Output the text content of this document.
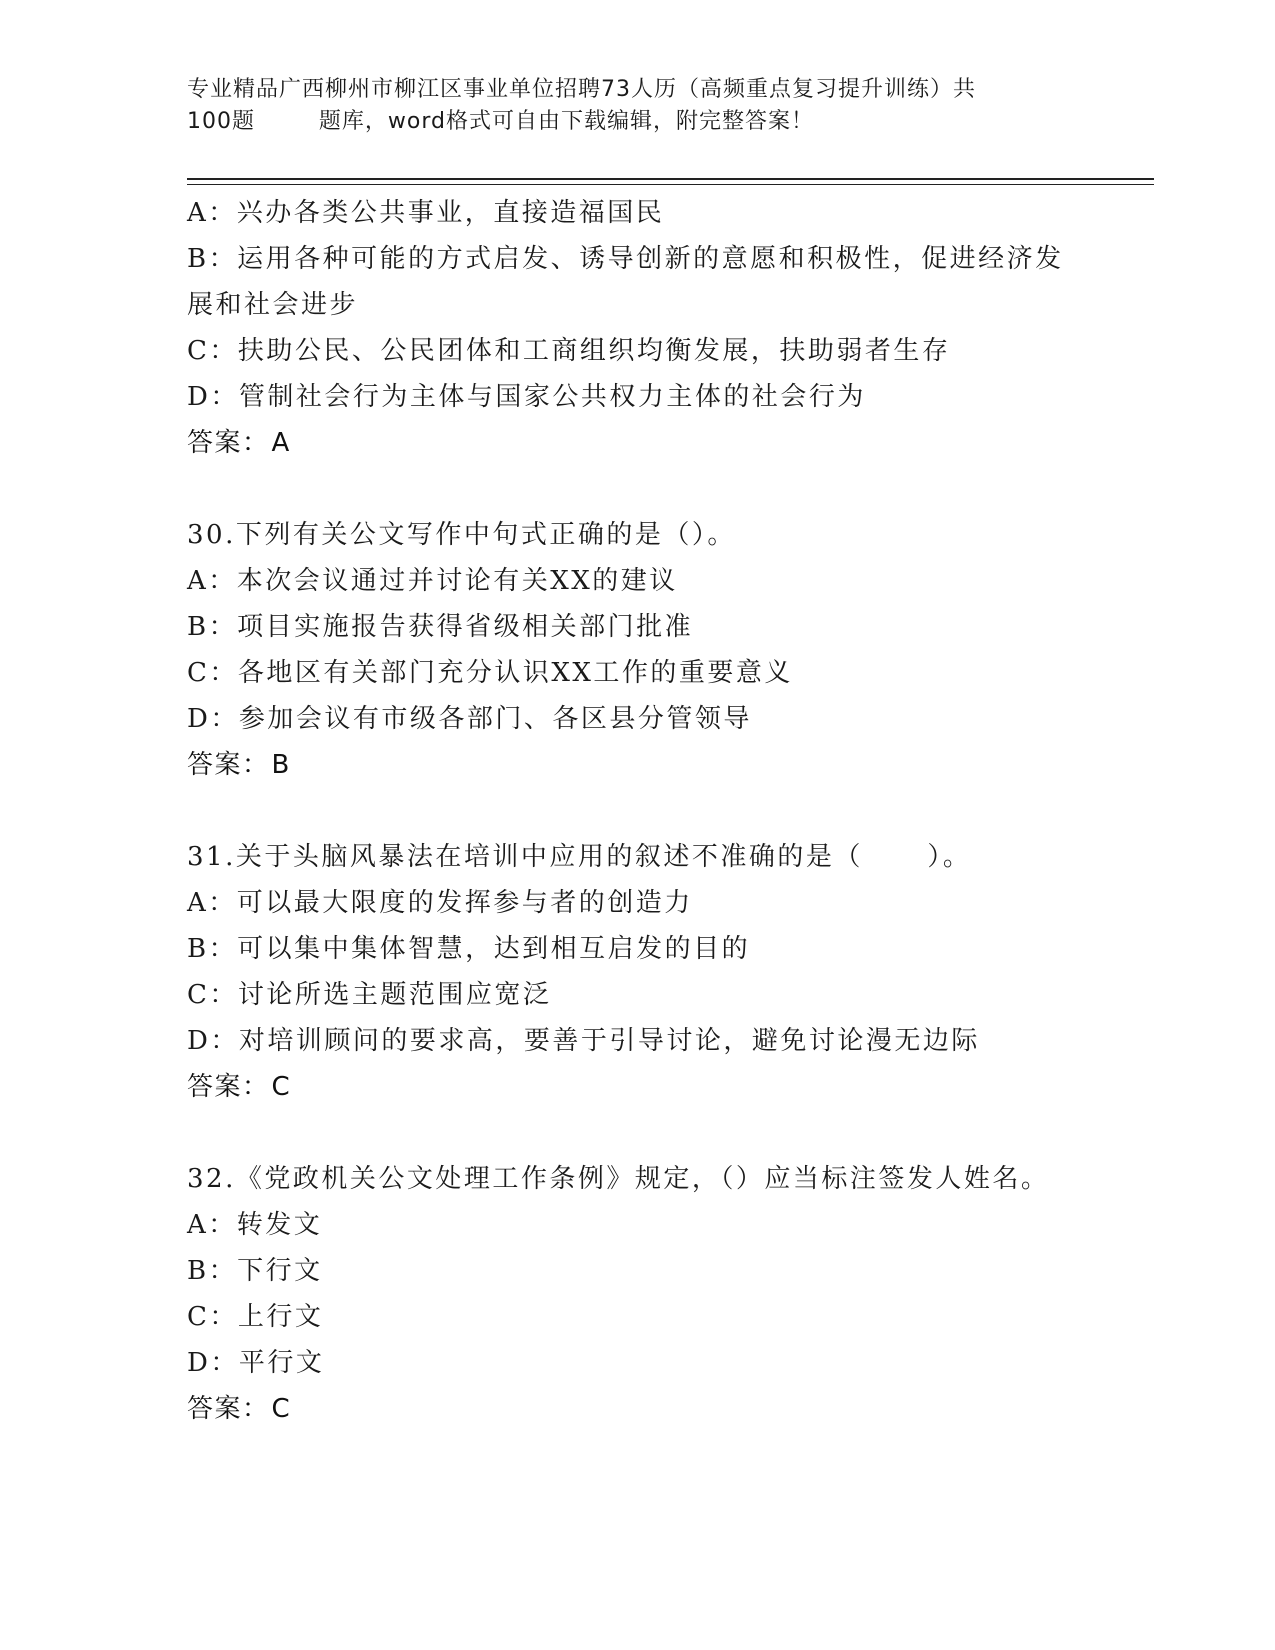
专业精品广西柳州市柳江区事业单位招聘73人历（高频重点复习提升训练）共

100题        题库，word格式可自由下载编辑，附完整答案！
A：兴办各类公共事业，直接造福国民
B：运用各种可能的方式启发、诱导创新的意愿和积极性，促进经济发
展和社会进步
C：扶助公民、公民团体和工商组织均衡发展，扶助弱者生存
D：管制社会行为主体与国家公共权力主体的社会行为
答案：A
30.下列有关公文写作中句式正确的是（）。
A：本次会议通过并讨论有关XX的建议
B：项目实施报告获得省级相关部门批准
C：各地区有关部门充分认识XX工作的重要意义
D：参加会议有市级各部门、各区县分管领导
答案：B
31.关于头脑风暴法在培训中应用的叙述不准确的是（      ）。
A：可以最大限度的发挥参与者的创造力
B：可以集中集体智慧，达到相互启发的目的
C：讨论所选主题范围应宽泛
D：对培训顾问的要求高，要善于引导讨论，避免讨论漫无边际
答案：C
32.《党政机关公文处理工作条例》规定，（）应当标注签发人姓名。
A：转发文
B：下行文
C：上行文
D：平行文
答案：C
